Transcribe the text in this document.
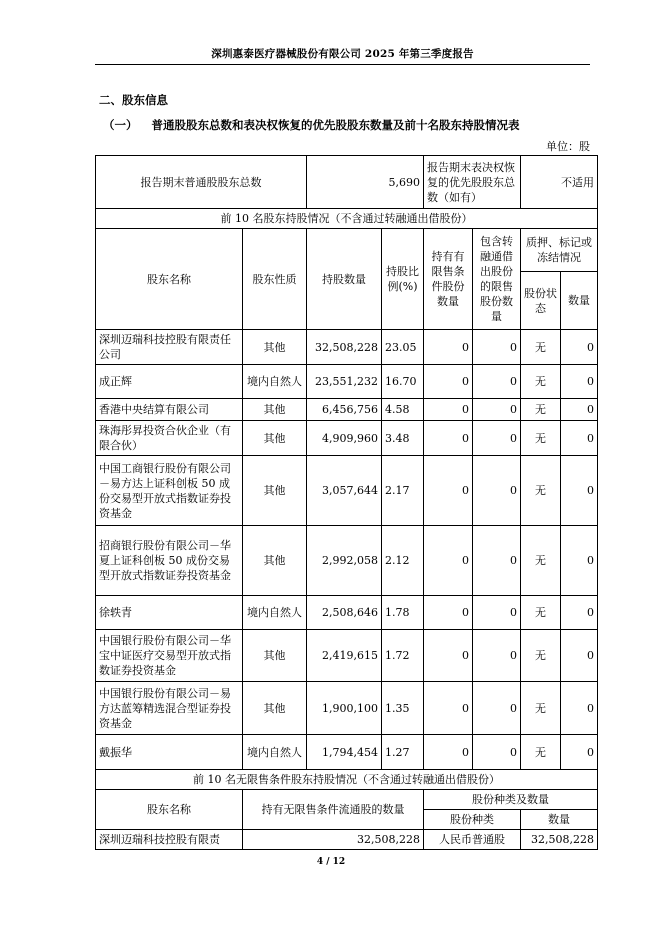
深圳惠泰医疗器械股份有限公司 2025 年第三季度报告
二、股东信息
（一） 普通股股东总数和表决权恢复的优先股股东数量及前十名股东持股情况表
单位：股
报告期末普通股股东总数		5,690		报告期末表决权恢复的优先股股东总数（如有）		不适用	
前 10 名股东持股情况（不含通过转融通出借股份）							
股东名称	股东性质	持股数量	持股比例(%)	持有有限售条件股份数量	包含转融通借出股份的限售股份数量	质押、标记或冻结情况	
						股份状态	数量
深圳迈瑞科技控股有限责任公司	其他	32,508,228	23.05	0	0	无	0
成正辉	境内自然人	23,551,232	16.70	0	0	无	0
香港中央结算有限公司	其他	6,456,756	4.58	0	0	无	0
珠海彤昇投资合伙企业（有限合伙）	其他	4,909,960	3.48	0	0	无	0
中国工商银行股份有限公司－易方达上证科创板 50 成份交易型开放式指数证券投资基金	其他	3,057,644	2.17	0	0	无	0
招商银行股份有限公司－华夏上证科创板 50 成份交易型开放式指数证券投资基金	其他	2,992,058	2.12	0	0	无	0
徐轶青	境内自然人	2,508,646	1.78	0	0	无	0
中国银行股份有限公司－华宝中证医疗交易型开放式指数证券投资基金	其他	2,419,615	1.72	0	0	无	0
中国银行股份有限公司－易方达蓝筹精选混合型证券投资基金	其他	1,900,100	1.35	0	0	无	0
戴振华	境内自然人	1,794,454	1.27	0	0	无	0
前 10 名无限售条件股东持股情况（不含通过转融通出借股份）							
股东名称	持有无限售条件流通股的数量			股份种类及数量			
				股份种类		数量	
深圳迈瑞科技控股有限责	32,508,228			人民币普通股		32,508,228	
4 / 12
